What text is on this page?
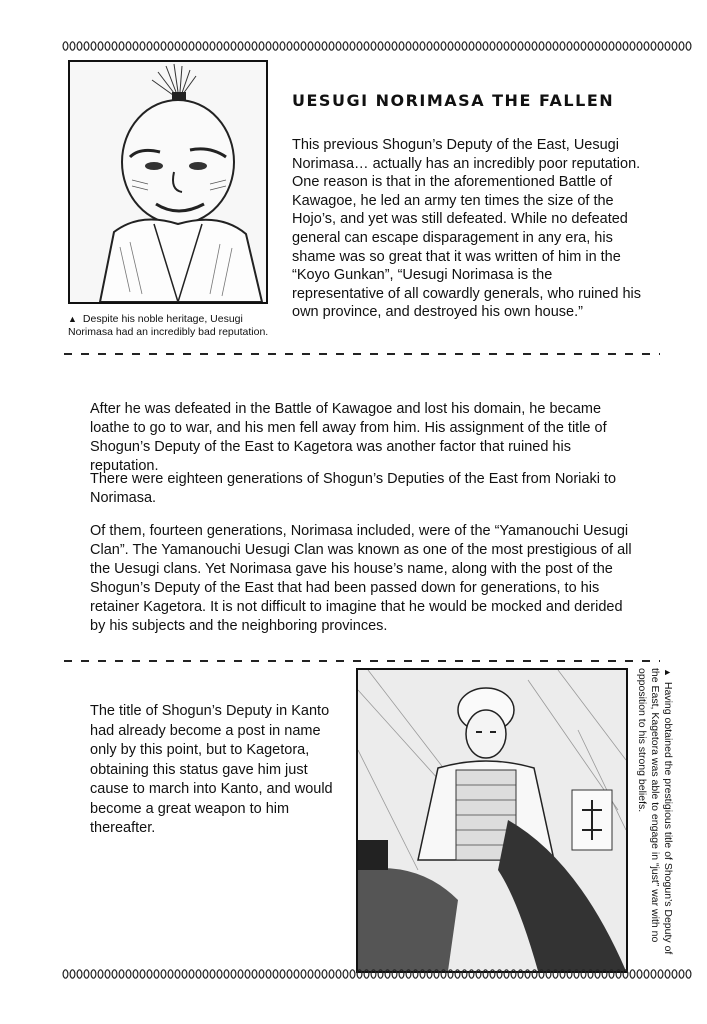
▲ Despite his noble heritage, Uesugi Norimasa had an incredibly bad reputation.
UESUGI NORIMASA THE FALLEN
This previous Shogun’s Deputy of the East, Uesugi Norimasa… actually has an incredibly poor reputation. One reason is that in the aforementioned Battle of Kawagoe, he led an army ten times the size of the Hojo’s, and yet was still defeated. While no defeated general can escape disparagement in any era, his shame was so great that it was written of him in the “Koyo Gunkan”, “Uesugi Norimasa is the representative of all cowardly generals, who ruined his own province, and destroyed his own house.”

After he was defeated in the Battle of Kawagoe and lost his domain, he became loathe to go to war, and his men fell away from him. His assignment of the title of Shogun’s Deputy of the East to Kagetora was another factor that ruined his reputation.

There were eighteen generations of Shogun’s Deputies of the East from Noriaki to Norimasa.

Of them, fourteen generations, Norimasa included, were of the “Yamanouchi Uesugi Clan”. The Yamanouchi Uesugi Clan was known as one of the most prestigious of all the Uesugi clans. Yet Norimasa gave his house’s name, along with the post of the Shogun’s Deputy of the East that had been passed down for generations, to his retainer Kagetora. It is not difficult to imagine that he would be mocked and derided by his subjects and the neighboring provinces.

The title of Shogun’s Deputy in Kanto had already become a post in name only by this point, but to Kagetora, obtaining this status gave him just cause to march into Kanto, and would become a great weapon to him thereafter.
▲Having obtained the prestigious title of Shogun’s Deputy of the East, Kagetora was able to engage in “just” war with no opposition to his strong beliefs.
